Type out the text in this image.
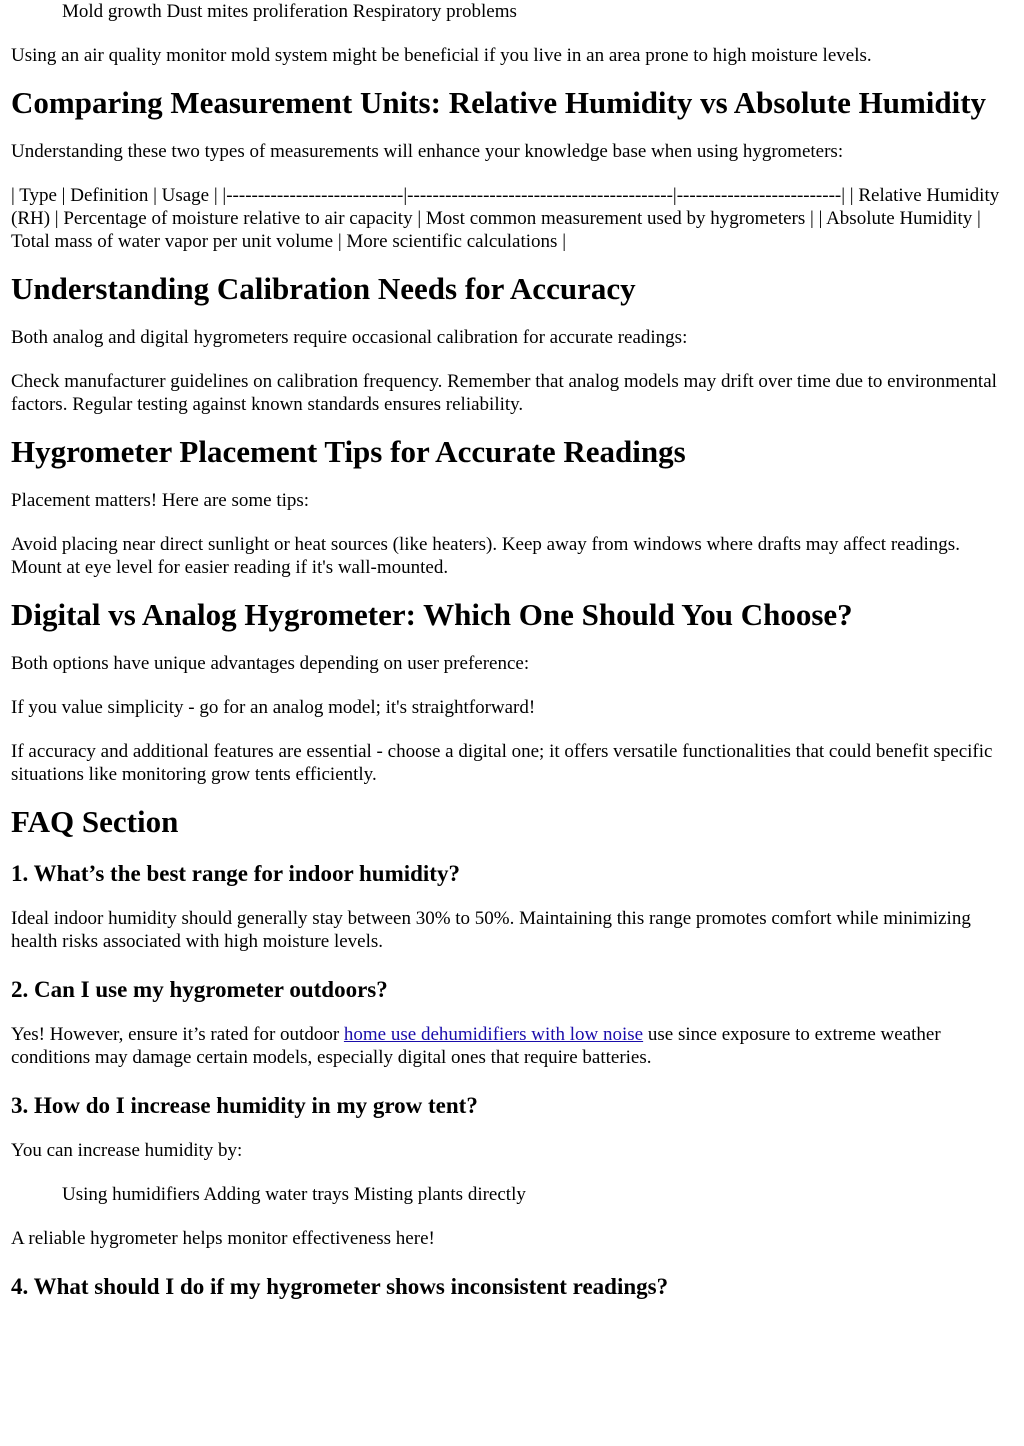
Mold growth Dust mites proliferation Respiratory problems

Using an air quality monitor mold system might be beneficial if you live in an area prone to high moisture levels.

Comparing Measurement Units: Relative Humidity vs Absolute Humidity

Understanding these two types of measurements will enhance your knowledge base when using hygrometers:

| Type | Definition | Usage | |----------------------------|------------------------------------------|--------------------------| | Relative Humidity (RH) | Percentage of moisture relative to air capacity | Most common measurement used by hygrometers | | Absolute Humidity | Total mass of water vapor per unit volume | More scientific calculations |

Understanding Calibration Needs for Accuracy

Both analog and digital hygrometers require occasional calibration for accurate readings:

Check manufacturer guidelines on calibration frequency. Remember that analog models may drift over time due to environmental factors. Regular testing against known standards ensures reliability.

Hygrometer Placement Tips for Accurate Readings

Placement matters! Here are some tips:

Avoid placing near direct sunlight or heat sources (like heaters). Keep away from windows where drafts may affect readings. Mount at eye level for easier reading if it's wall-mounted.

Digital vs Analog Hygrometer: Which One Should You Choose?

Both options have unique advantages depending on user preference:

If you value simplicity - go for an analog model; it's straightforward!

If accuracy and additional features are essential - choose a digital one; it offers versatile functionalities that could benefit specific situations like monitoring grow tents efficiently.

FAQ Section
1. What’s the best range for indoor humidity?

Ideal indoor humidity should generally stay between 30% to 50%. Maintaining this range promotes comfort while minimizing health risks associated with high moisture levels.

2. Can I use my hygrometer outdoors?

Yes! However, ensure it’s rated for outdoor home use dehumidifiers with low noise use since exposure to extreme weather conditions may damage certain models, especially digital ones that require batteries.

3. How do I increase humidity in my grow tent?

You can increase humidity by:

Using humidifiers Adding water trays Misting plants directly

A reliable hygrometer helps monitor effectiveness here!

4. What should I do if my hygrometer shows inconsistent readings?
